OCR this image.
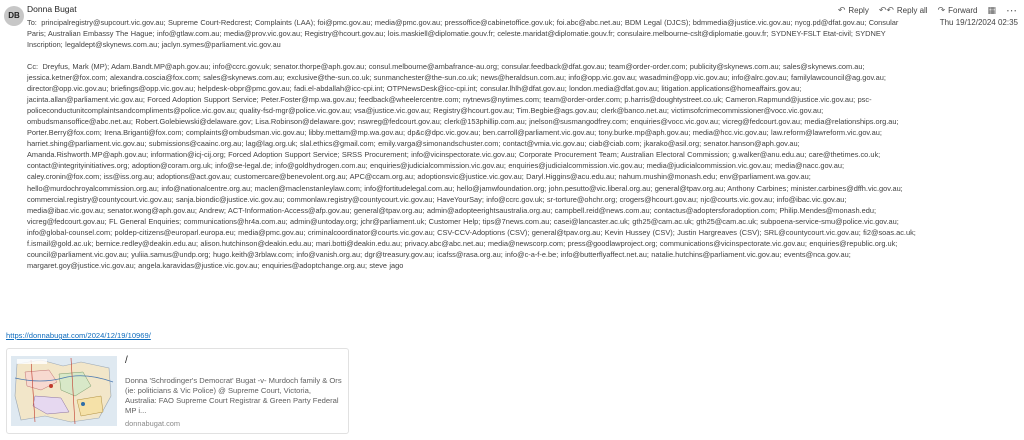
DB
Donna Bugat	↶ Reply ↶↶ Reply all ↷ Forward ▦ ⋯
Thu 19/12/2024 02:35
To: principalregistry@supcourt.vic.gov.au; Supreme Court-Redcrest; Complaints (LAA); foi@pmc.gov.au; media@pmc.gov.au; pressoffice@cabinetoffice.gov.uk; foi.abc@abc.net.au; BDM Legal (DJCS); bdmmedia@justice.vic.gov.au; nycg.pd@dfat.gov.au; Consular Paris; Australian Embassy The Hague; info@gtlaw.com.au; media@prov.vic.gov.au; Registry@hcourt.gov.au; lois.maskiell@diplomatie.gouv.fr; celeste.maridat@diplomatie.gouv.fr; consulaire.melbourne-cslt@diplomatie.gouv.fr; SYDNEY-FSLT Etat-civil; SYDNEY Inscription; legaldept@skynews.com.au; jaclyn.symes@parliament.vic.gov.au
Cc: Dreyfus, Mark (MP); Adam.Bandt.MP@aph.gov.au; info@ccrc.gov.uk; senator.thorpe@aph.gov.au; consul.melbourne@ambafrance-au.org; consular.feedback@dfat.gov.au; team@order-order.com; publicity@skynews.com.au; sales@skynews.com.au; jessica.ketner@fox.com; alexandra.coscia@fox.com; sales@skynews.com.au; exclusive@the-sun.co.uk; sunmanchester@the-sun.co.uk; news@heraldsun.com.au; info@opp.vic.gov.au; wasadmin@opp.vic.gov.au; info@alrc.gov.au; familylawcouncil@ag.gov.au; director@opp.vic.gov.au; briefings@opp.vic.gov.au; helpdesk-obpr@pmc.gov.au; fadi.el-abdallah@icc-cpi.int; OTPNewsDesk@icc-cpi.int; consular.lhlh@dfat.gov.au; london.media@dfat.gov.au; litigation.applications@homeaffairs.gov.au; jacinta.allan@parliament.vic.gov.au; Forced Adoption Support Service; Peter.Foster@mp.wa.gov.au; feedback@wheelercentre.com; nytnews@nytimes.com; team@order-order.com; p.harris@doughtystreet.co.uk; Cameron.Rapmund@justice.vic.gov.au; psc-policeconductunitcomplaintsandcompliments@police.vic.gov.au; quality-fsd-mgr@police.vic.gov.au; vsa@justice.vic.gov.au; Registry@hcourt.gov.au; Tim.Begbie@ags.gov.au; clerk@banco.net.au; victimsofcrimecommissioner@vocc.vic.gov.au; ombudsmansoffice@abc.net.au; Robert.Golebiewski@delaware.gov; Lisa.Robinson@delaware.gov; nswreg@fedcourt.gov.au; clerk@153phillip.com.au; jnelson@susmangodfrey.com; enquiries@vocc.vic.gov.au; vicreg@fedcourt.gov.au; media@relationships.org.au; Porter.Berry@fox.com; Irena.Briganti@fox.com; complaints@ombudsman.vic.gov.au; libby.mettam@mp.wa.gov.au; dp&c@dpc.vic.gov.au; ben.carroll@parliament.vic.gov.au; tony.burke.mp@aph.gov.au; media@hcc.vic.gov.au; law.reform@lawreform.vic.gov.au; harriet.shing@parliament.vic.gov.au; submissions@caainc.org.au; lag@lag.org.uk; slal.ethics@gmail.com; emily.varga@simonandschuster.com; contact@vmia.vic.gov.au; ciab@ciab.com; jkarako@asil.org; senator.hanson@aph.gov.au; Amanda.Rishworth.MP@aph.gov.au; information@icj-cij.org; Forced Adoption Support Service; SRSS Procurement; info@vicinspectorate.vic.gov.au; Corporate Procurement Team; Australian Electoral Commission; g.walker@anu.edu.au; care@thetimes.co.uk; contact@integrityinitiatives.org; adoption@coram.org.uk; info@se-legal.de; info@goldhydrogen.com.au; enquiries@judicialcommission.vic.gov.au; enquiries@judicialcommission.vic.gov.au; media@judicialcommission.vic.gov.au; media@nacc.gov.au; caley.cronin@fox.com; iss@iss.org.au; adoptions@act.gov.au; customercare@benevolent.org.au; APC@ccam.org.au; adoptionsvic@justice.vic.gov.au; Daryl.Higgins@acu.edu.au; nahum.mushin@monash.edu; env@parliament.wa.gov.au; hello@murdochroyalcommission.org.au; info@nationalcentre.org.au; maclen@maclenstanleylaw.com; info@fortitudelegal.com.au; hello@jamwfoundation.org; john.pesutto@vic.liberal.org.au; general@tpav.org.au; Anthony Carbines; minister.carbines@dffh.vic.gov.au; commercial.registry@countycourt.vic.gov.au; sanja.biondic@justice.vic.gov.au; commonlaw.registry@countycourt.vic.gov.au; HaveYourSay; info@ccrc.gov.uk; sr-torture@ohchr.org; crogers@hcourt.gov.au; njc@courts.vic.gov.au; info@ibac.vic.gov.au; media@ibac.vic.gov.au; senator.wong@aph.gov.au; Andrew; ACT-Information-Access@afp.gov.au; general@tpav.org.au; admin@adopteerightsaustralia.org.au; campbell.reid@news.com.au; contactus@adoptersforadoption.com; Philip.Mendes@monash.edu; vicreg@fedcourt.gov.au; FL General Enquiries; communications@hr4a.com.au; admin@untoday.org; jchr@parliament.uk; Customer Help; tips@7news.com.au; casei@lancaster.ac.uk; gth25@cam.ac.uk; gth25@cam.ac.uk; subpoena-service-smu@police.vic.gov.au; info@global-counsel.com; poldep-citizens@europarl.europa.eu; media@pmc.gov.au; criminalcoordinator@courts.vic.gov.au; CSV-CCV-Adoptions (CSV); general@tpav.org.au; Kevin Hussey (CSV); Justin Hargreaves (CSV); SRL@countycourt.vic.gov.au; fi2@soas.ac.uk; f.ismail@gold.ac.uk; bernice.redley@deakin.edu.au; alison.hutchinson@deakin.edu.au; mari.botti@deakin.edu.au; privacy.abc@abc.net.au; media@newscorp.com; press@goodlawproject.org; communications@vicinspectorate.vic.gov.au; enquiries@republic.org.uk; council@parliament.vic.gov.au; yuliia.samus@undp.org; hugo.keith@3rblaw.com; info@vanish.org.au; dgr@treasury.gov.au; icafss@rasa.org.au; info@c-a-f-e.be; info@butterflyaffect.net.au; natalie.hutchins@parliament.vic.gov.au; events@nca.gov.au; margaret.goy@justice.vic.gov.au; angela.karavidas@justice.vic.gov.au; enquiries@adoptchange.org.au; steve jago
https://donnabugat.com/2024/12/19/10969/
/
Donna 'Schrodinger's Democrat' Bugat -v- Murdoch family & Ors (ie: politicians & Vic Police) @ Supreme Court, Victoria, Australia: FAO Supreme Court Registrar & Green Party Federal MP i...
donnabugat.com
